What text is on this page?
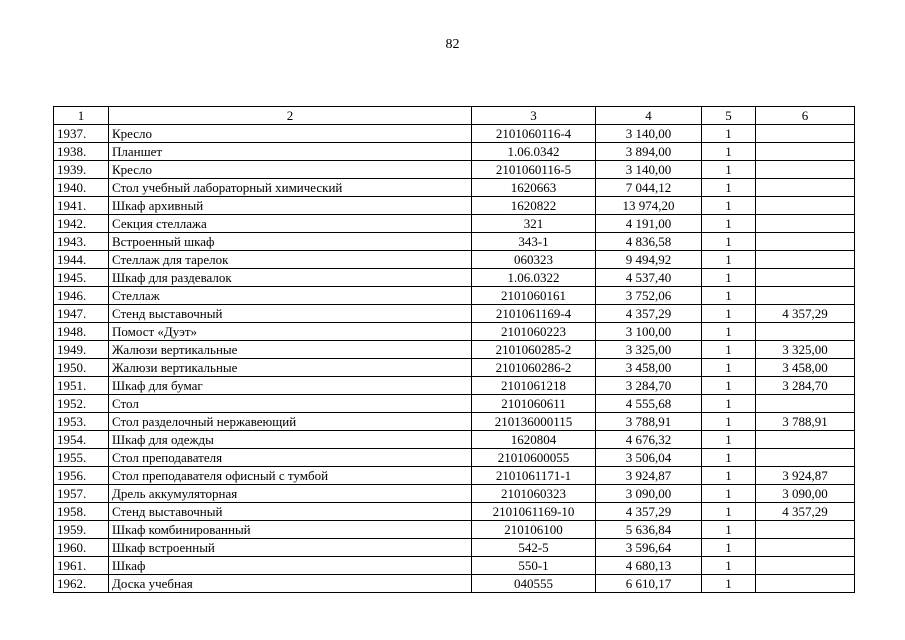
82
1	2	3	4	5	6
1937.	Кресло	2101060116-4	3 140,00	1	
1938.	Планшет	1.06.0342	3 894,00	1	
1939.	Кресло	2101060116-5	3 140,00	1	
1940.	Стол учебный лабораторный химический	1620663	7 044,12	1	
1941.	Шкаф архивный	1620822	13 974,20	1	
1942.	Секция стеллажа	321	4 191,00	1	
1943.	Встроенный шкаф	343-1	4 836,58	1	
1944.	Стеллаж для тарелок	060323	9 494,92	1	
1945.	Шкаф для раздевалок	1.06.0322	4 537,40	1	
1946.	Стеллаж	2101060161	3 752,06	1	
1947.	Стенд выставочный	2101061169-4	4 357,29	1	4 357,29
1948.	Помост «Дуэт»	2101060223	3 100,00	1	
1949.	Жалюзи вертикальные	2101060285-2	3 325,00	1	3 325,00
1950.	Жалюзи вертикальные	2101060286-2	3 458,00	1	3 458,00
1951.	Шкаф для бумаг	2101061218	3 284,70	1	3 284,70
1952.	Стол	2101060611	4 555,68	1	
1953.	Стол разделочный нержавеющий	210136000115	3 788,91	1	3 788,91
1954.	Шкаф для одежды	1620804	4 676,32	1	
1955.	Стол преподавателя	21010600055	3 506,04	1	
1956.	Стол преподавателя офисный с тумбой	2101061171-1	3 924,87	1	3 924,87
1957.	Дрель аккумуляторная	2101060323	3 090,00	1	3 090,00
1958.	Стенд выставочный	2101061169-10	4 357,29	1	4 357,29
1959.	Шкаф комбинированный	210106100	5 636,84	1	
1960.	Шкаф встроенный	542-5	3 596,64	1	
1961.	Шкаф	550-1	4 680,13	1	
1962.	Доска учебная	040555	6 610,17	1	
